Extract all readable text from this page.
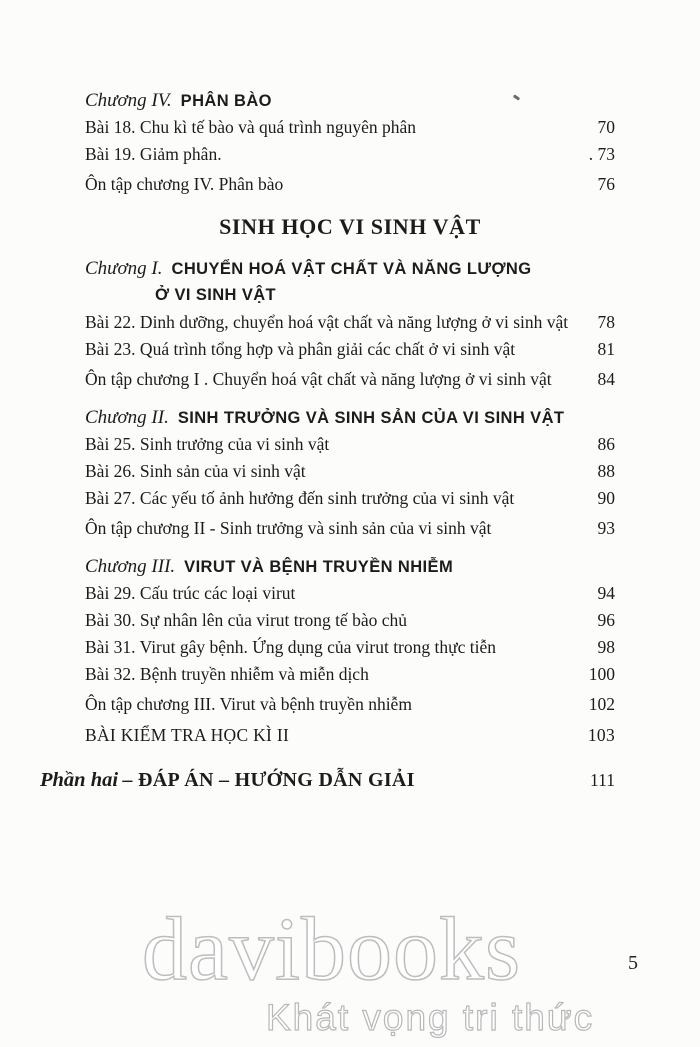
Chương IV. PHÂN BÀO
Bài 18. Chu kì tế bào và quá trình nguyên phân	70
Bài 19. Giảm phân.	. 73
Ôn tập chương IV. Phân bào	76
SINH HỌC VI SINH VẬT
Chương I. CHUYỂN HOÁ VẬT CHẤT VÀ NĂNG LƯỢNG
Ở VI SINH VẬT
Bài 22. Dinh dưỡng, chuyển hoá vật chất và năng lượng ở vi sinh vật 78
Bài 23. Quá trình tổng hợp và phân giải các chất ở vi sinh vật	81
Ôn tập chương I . Chuyển hoá vật chất và năng lượng ở vi sinh vật	84
Chương II. SINH TRƯỞNG VÀ SINH SẢN CỦA VI SINH VẬT
Bài 25. Sinh trưởng của vi sinh vật	86
Bài 26. Sinh sản của vi sinh vật	88
Bài 27. Các yếu tố ảnh hưởng đến sinh trưởng của vi sinh vật	90
Ôn tập chương II - Sinh trưởng và sinh sản của vi sinh vật	93
Chương III. VIRUT VÀ BỆNH TRUYỀN NHIỄM
Bài 29. Cấu trúc các loại virut	94
Bài 30. Sự nhân lên của virut trong tế bào chủ	96
Bài 31. Virut gây bệnh. Ứng dụng của virut trong thực tiễn	98
Bài 32. Bệnh truyền nhiễm và miễn dịch	100
Ôn tập chương III. Virut và bệnh truyền nhiễm	102
BÀI KIỂM TRA HỌC KÌ II	103
Phần hai – ĐÁP ÁN – HƯỚNG DẪN GIẢI	111
davibooks
Khát vọng tri thức
5
